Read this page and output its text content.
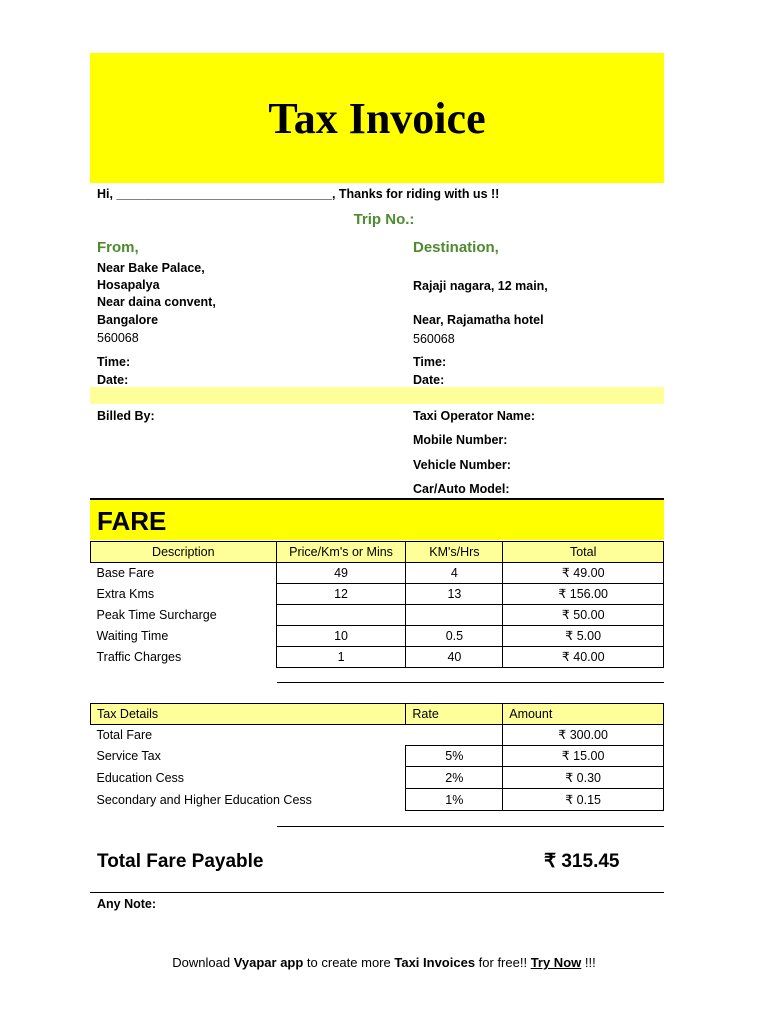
Tax Invoice
Hi, _______________________________, Thanks for riding with us !!
Trip No.:
From,
Near Bake Palace,
Hosapalya
Near daina convent,
Bangalore
560068
Time:
Date:
Destination,
Rajaji nagara, 12 main,
Near, Rajamatha hotel
560068
Time:
Date:
Billed By:	Taxi Operator Name:
Mobile Number:
Vehicle Number:
Car/Auto Model:
FARE
Description	Price/Km's or Mins	KM's/Hrs	Total
Base Fare	49	4	₹ 49.00
Extra Kms	12	13	₹ 156.00
Peak Time Surcharge			₹ 50.00
Waiting Time	10	0.5	₹ 5.00
Traffic Charges	1	40	₹ 40.00
Tax Details	Rate	Amount
Total Fare		₹ 300.00
Service Tax	5%	₹ 15.00
Education Cess	2%	₹ 0.30
Secondary and Higher Education Cess	1%	₹ 0.15
Total Fare Payable	₹ 315.45
Any Note:
Download Vyapar app to create more Taxi Invoices for free!! Try Now !!!
